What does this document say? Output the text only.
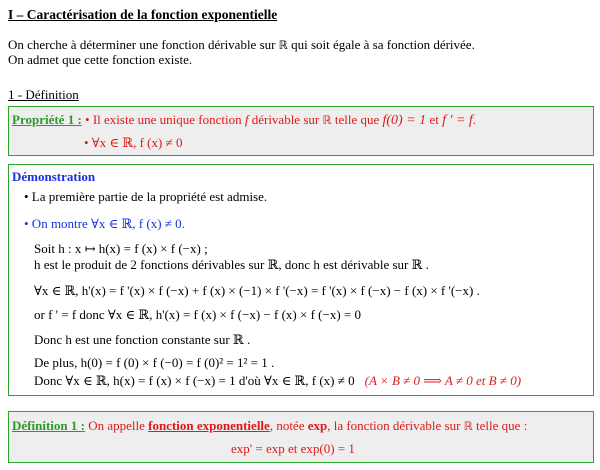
I – Caractérisation de la fonction exponentielle
On cherche à déterminer une fonction dérivable sur ℝ qui soit égale à sa fonction dérivée.
On admet que cette fonction existe.
1 - Définition
Propriété 1 : • Il existe une unique fonction f dérivable sur ℝ telle que f(0) = 1 et f ' = f.
• ∀x ∈ ℝ, f (x) ≠ 0
Démonstration
• La première partie de la propriété est admise.
• On montre ∀x ∈ ℝ, f (x) ≠ 0.
Soit h : x ↦ h(x) = f (x) × f (−x) ;
h est le produit de 2 fonctions dérivables sur ℝ, donc h est dérivable sur ℝ .
∀x ∈ ℝ, h'(x) = f '(x) × f (−x) + f (x) × (−1) × f '(−x) = f '(x) × f (−x) − f (x) × f '(−x) .
or f ' = f donc ∀x ∈ ℝ, h'(x) = f (x) × f (−x) − f (x) × f (−x) = 0
Donc h est une fonction constante sur ℝ .
De plus, h(0) = f (0) × f (−0) = f (0)² = 1² = 1 .
Donc ∀x ∈ ℝ, h(x) = f (x) × f (−x) = 1 d'où ∀x ∈ ℝ, f (x) ≠ 0 (A × B ≠ 0 ⟹ A ≠ 0 et B ≠ 0)
Définition 1 : On appelle fonction exponentielle, notée exp, la fonction dérivable sur ℝ telle que :
exp' = exp et exp(0) = 1
